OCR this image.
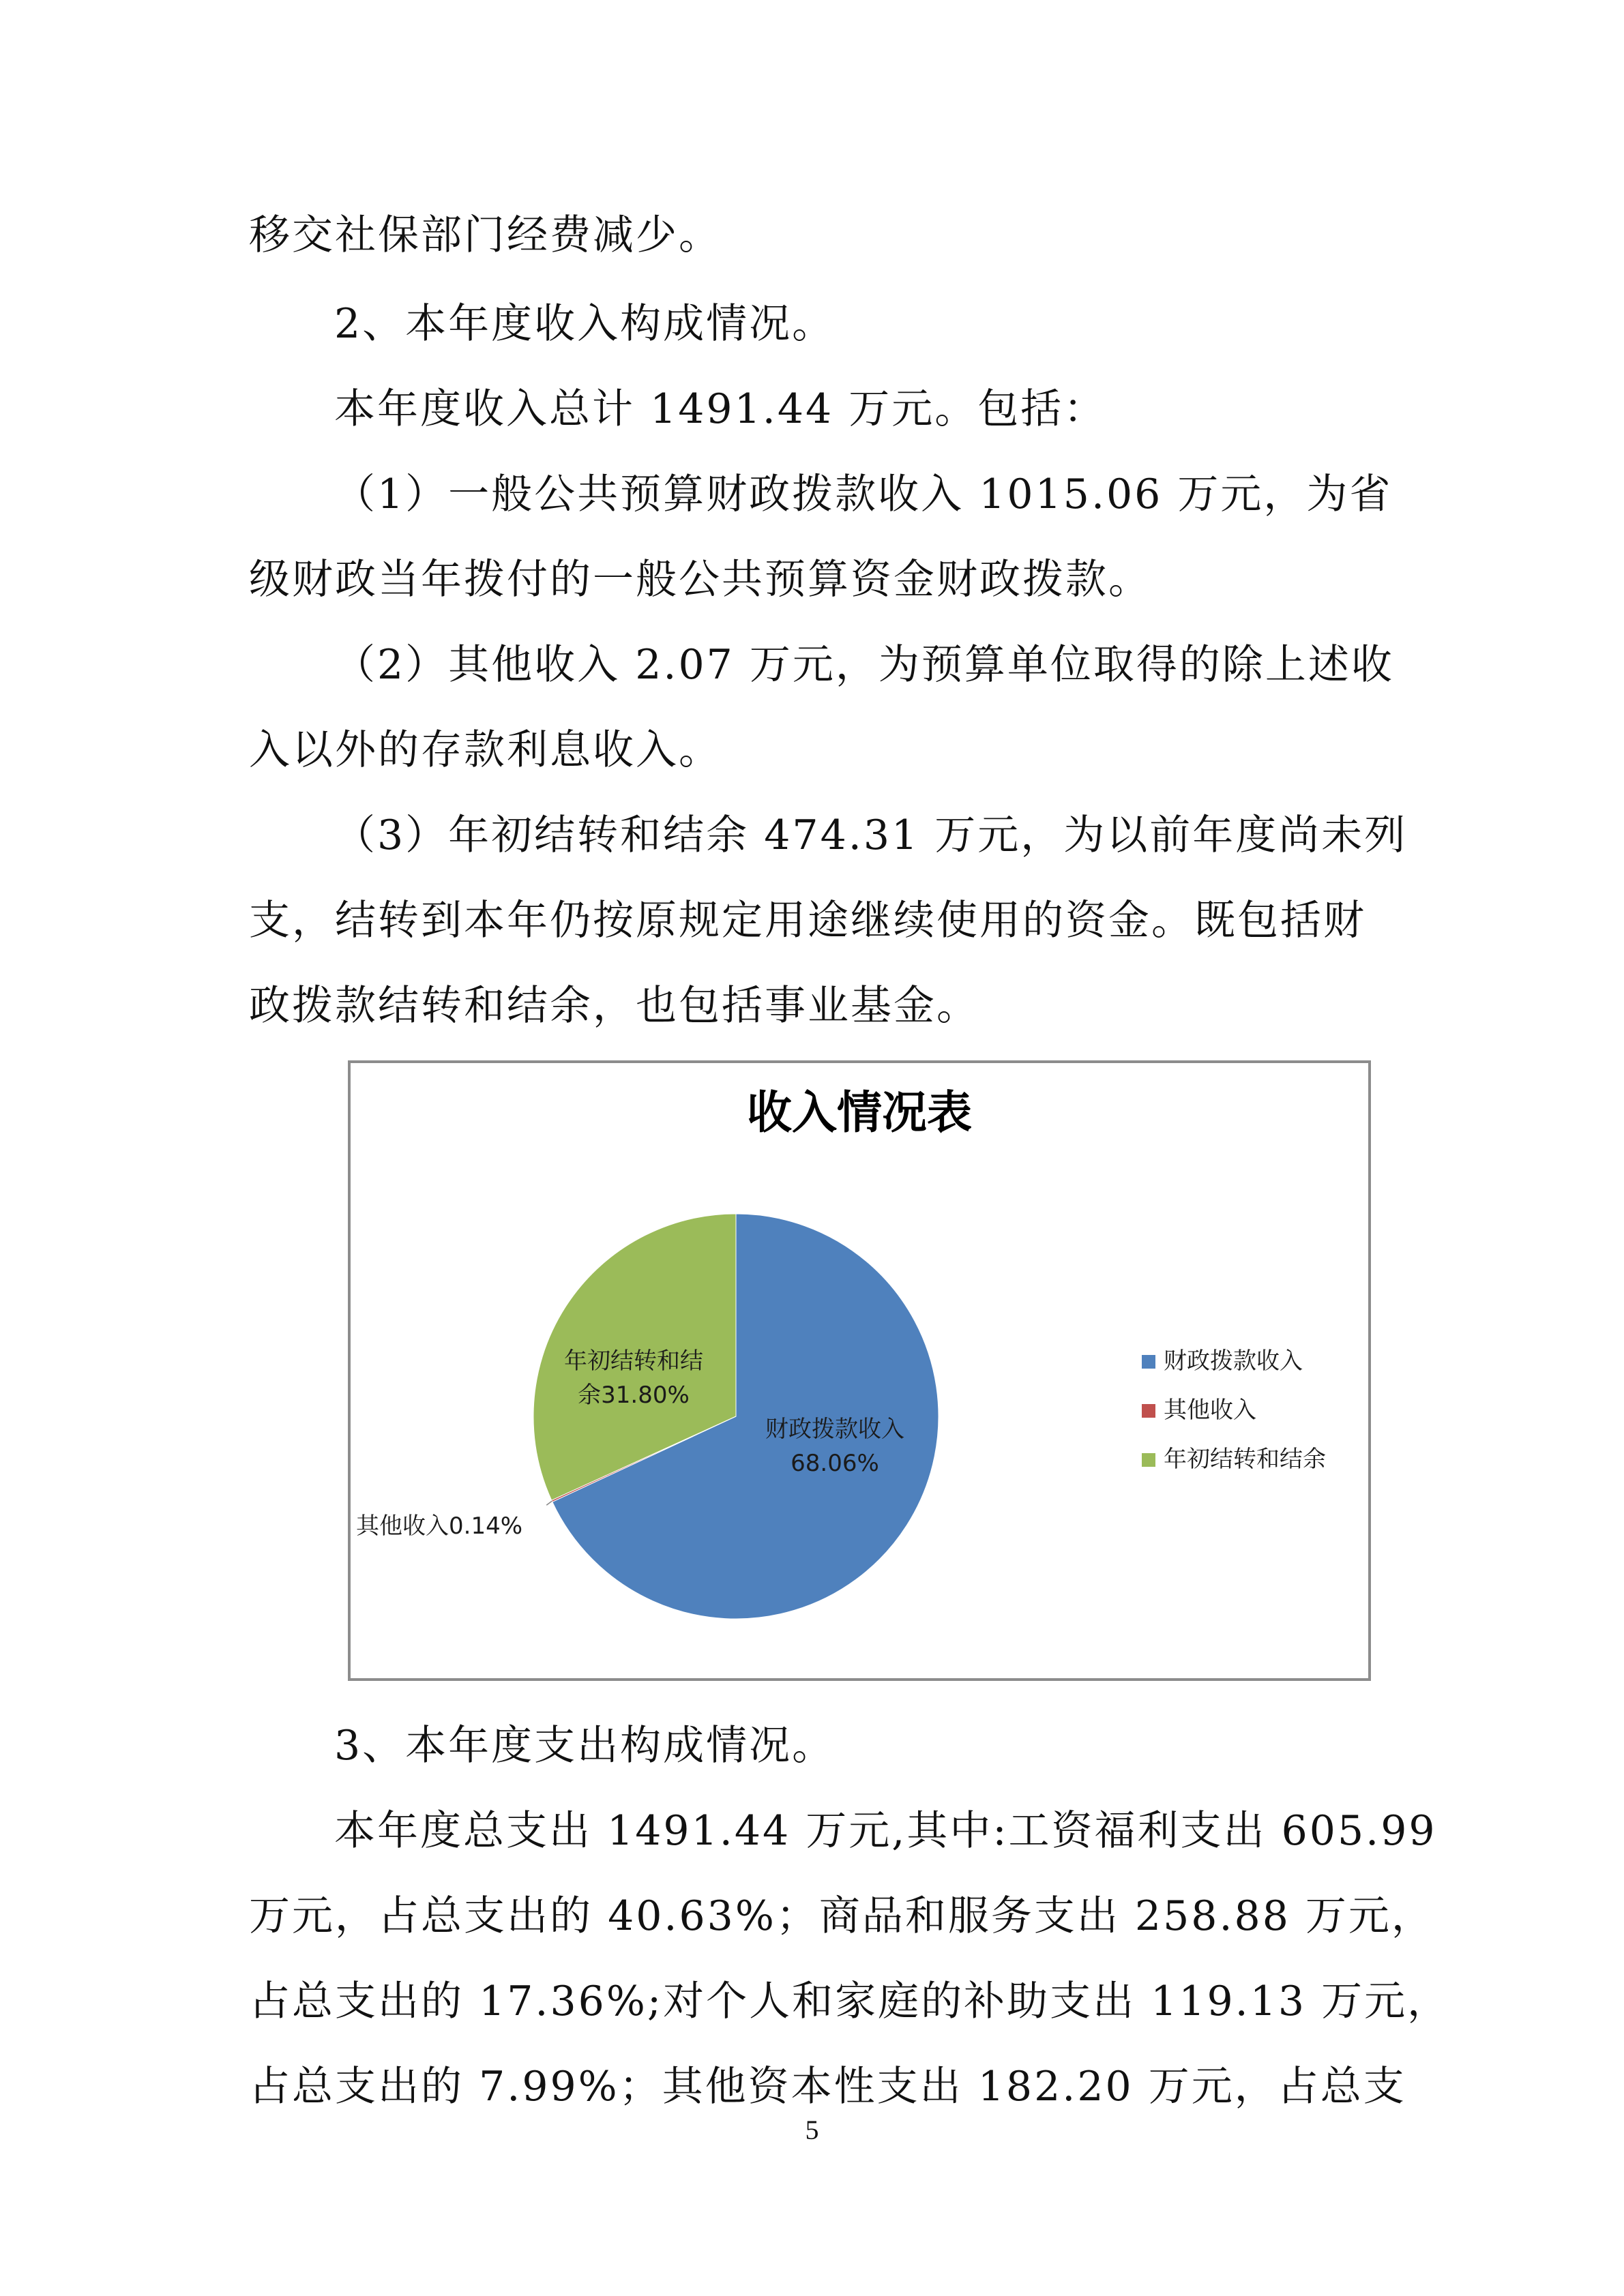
移交社保部门经费减少。
2、本年度收入构成情况。
本年度收入总计 1491.44 万元。包括：
（1）一般公共预算财政拨款收入 1015.06 万元，为省
级财政当年拨付的一般公共预算资金财政拨款。
（2）其他收入 2.07 万元，为预算单位取得的除上述收
入以外的存款利息收入。
（3）年初结转和结余 474.31 万元，为以前年度尚未列
支，结转到本年仍按原规定用途继续使用的资金。既包括财
政拨款结转和结余，也包括事业基金。
收入情况表
财政拨款收入 68.06%
其他收入0.14%
年初结转和结余31.80%
财政拨款收入
其他收入
年初结转和结余
3、本年度支出构成情况。
本年度总支出 1491.44 万元,其中:工资福利支出 605.99
万元，占总支出的 40.63%；商品和服务支出 258.88 万元，
占总支出的 17.36%;对个人和家庭的补助支出 119.13 万元，
占总支出的 7.99%；其他资本性支出 182.20 万元，占总支
5
